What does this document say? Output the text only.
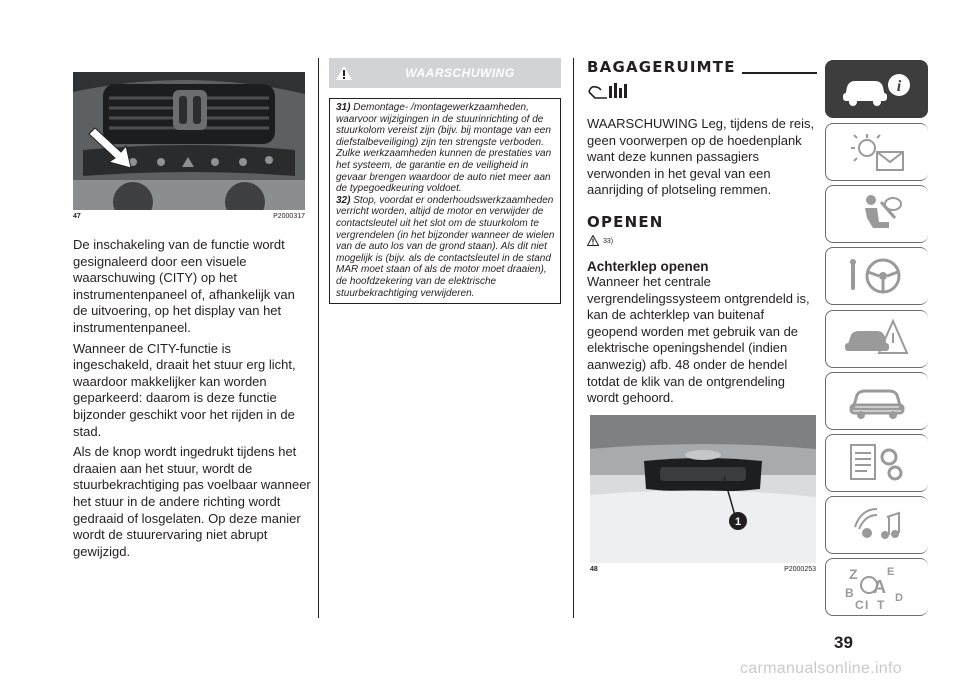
47	P2000317

De inschakeling van de functie wordt gesignaleerd door een visuele waarschuwing (CITY) op het instrumentenpaneel of, afhankelijk van de uitvoering, op het display van het instrumentenpaneel.

Wanneer de CITY-functie is ingeschakeld, draait het stuur erg licht, waardoor makkelijker kan worden geparkeerd: daarom is deze functie bijzonder geschikt voor het rijden in de stad.

Als de knop wordt ingedrukt tijdens het draaien aan het stuur, wordt de stuurbekrachtiging pas voelbaar wanneer het stuur in de andere richting wordt gedraaid of losgelaten. Op deze manier wordt de stuurervaring niet abrupt gewijzigd.

WAARSCHUWING

31) Demontage- /montagewerkzaamheden, waarvoor wijzigingen in de stuurinrichting of de stuurkolom vereist zijn (bijv. bij montage van een diefstalbeveiliging) zijn ten strengste verboden. Zulke werkzaamheden kunnen de prestaties van het systeem, de garantie en de veiligheid in gevaar brengen waardoor de auto niet meer aan de typegoedkeuring voldoet.

32) Stop, voordat er onderhoudswerkzaamheden verricht worden, altijd de motor en verwijder de contactsleutel uit het slot om de stuurkolom te vergrendelen (in het bijzonder wanneer de wielen van de auto los van de grond staan). Als dit niet mogelijk is (bijv. als de contactsleutel in de stand MAR moet staan of als de motor moet draaien), de hoofdzekering van de elektrische stuurbekrachtiging verwijderen.

BAGAGERUIMTE

WAARSCHUWING Leg, tijdens de reis, geen voorwerpen op de hoedenplank want deze kunnen passagiers verwonden in het geval van een aanrijding of plotseling remmen.

OPENEN
33)
Achterklep openen

Wanneer het centrale vergrendelingssysteem ontgrendeld is, kan de achterklep van buitenaf geopend worden met gebruik van de elektrische openingshendel (indien aanwezig) afb. 48 onder de hendel totdat de klik van de ontgrendeling wordt gehoord.

1
48	P2000253
i
Z	E
B A
C	D
I T
39
carmanualsonline.info
